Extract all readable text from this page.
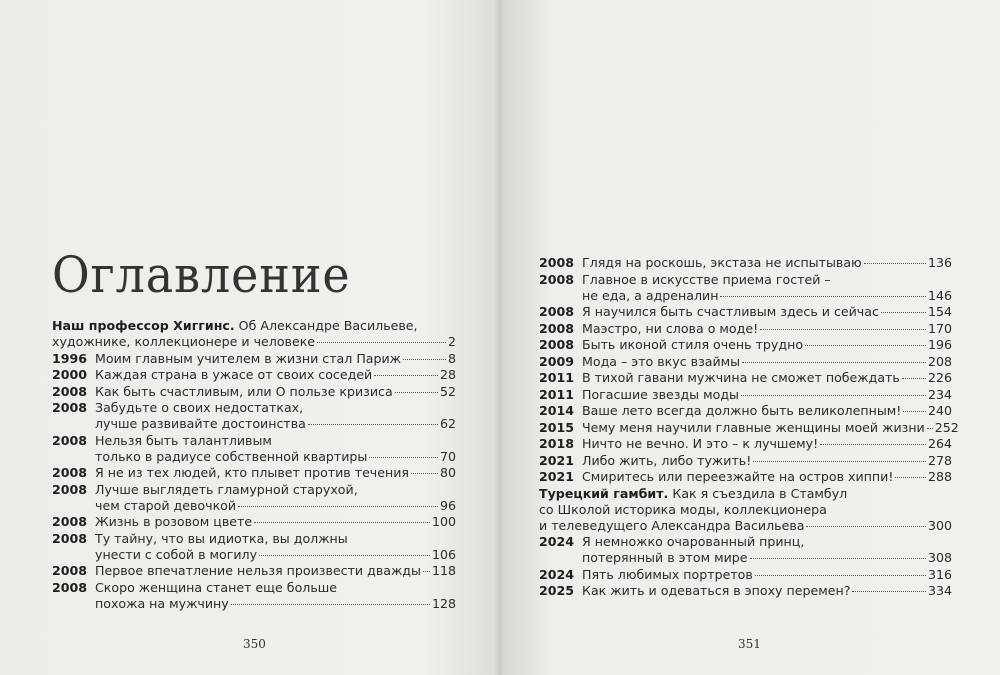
Оглавление
Наш профессор Хиггинс. Об Александре Васильеве,
художнике, коллекционере и человеке	2
1996 Моим главным учителем в жизни стал Париж	8
2000 Каждая страна в ужасе от своих соседей	28
2008 Как быть счастливым, или О пользе кризиса	52
2008 Забудьте о своих недостатках,
лучше развивайте достоинства	62
2008 Нельзя быть талантливым
только в радиусе собственной квартиры	70
2008 Я не из тех людей, кто плывет против течения 80
2008 Лучше выглядеть гламурной старухой,
чем старой девочкой	96
2008 Жизнь в розовом цвете	100
2008 Ту тайну, что вы идиотка, вы должны
унести с собой в могилу	106
2008 Первое впечатление нельзя произвести дважды 118
2008 Скоро женщина станет еще больше
похожа на мужчину	128
350
2008 Глядя на роскошь, экстаза не испытываю	136
2008 Главное в искусстве приема гостей –
не еда, а адреналин	146
2008 Я научился быть счастливым здесь и сейчас	154
2008 Маэстро, ни слова о моде!	170
2008 Быть иконой стиля очень трудно	196
2009 Мода – это вкус взаймы	208
2011 В тихой гавани мужчина не сможет побеждать 226
2011 Погасшие звезды моды	234
2014 Ваше лето всегда должно быть великолепным! 240
2015 Чему меня научили главные женщины моей жизни 252
2018 Ничто не вечно. И это – к лучшему!	264
2021 Либо жить, либо тужить!	278
2021 Смиритесь или переезжайте на остров хиппи!	288
Турецкий гамбит. Как я съездила в Стамбул
со Школой историка моды, коллекционера
и телеведущего Александра Васильева	300
2024 Я немножко очарованный принц,
потерянный в этом мире	308
2024 Пять любимых портретов	316
2025 Как жить и одеваться в эпоху перемен?	334
351
